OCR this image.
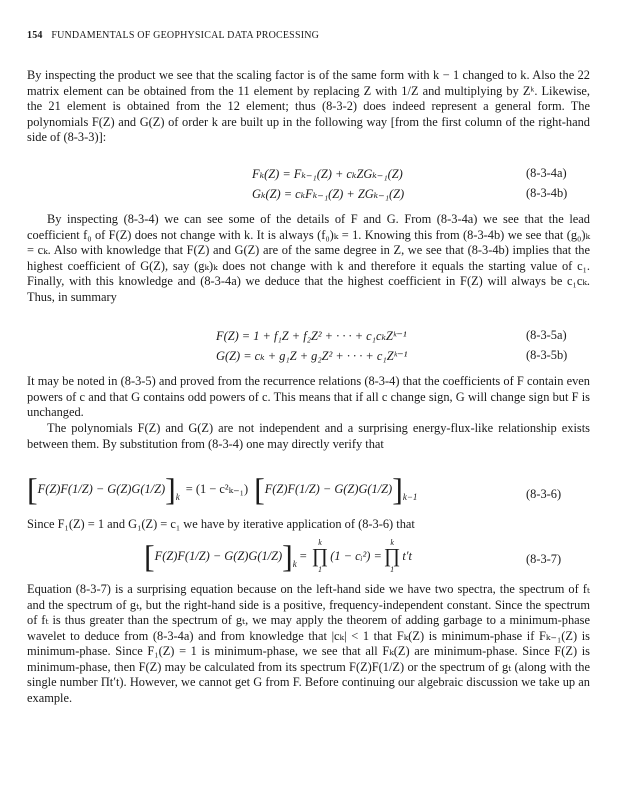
154 FUNDAMENTALS OF GEOPHYSICAL DATA PROCESSING

By inspecting the product we see that the scaling factor is of the same form with k − 1 changed to k. Also the 22 matrix element can be obtained from the 11 element by replacing Z with 1/Z and multiplying by Zᵏ. Likewise, the 21 element is obtained from the 12 element; thus (8-3-2) does indeed represent a general form. The polynomials F(Z) and G(Z) of order k are built up in the following way [from the first column of the right-hand side of (8-3-3)]:

Fₖ(Z) = Fₖ₋₁(Z) + cₖZGₖ₋₁(Z)	(8-3-4a)
Gₖ(Z) = cₖFₖ₋₁(Z) + ZGₖ₋₁(Z)	(8-3-4b)

By inspecting (8-3-4) we can see some of the details of F and G. From (8-3-4a) we see that the lead coefficient f₀ of F(Z) does not change with k. It is always (f₀)ₖ = 1. Knowing this from (8-3-4b) we see that (g₀)ₖ = cₖ. Also with knowledge that F(Z) and G(Z) are of the same degree in Z, we see that (8-3-4b) implies that the highest coefficient of G(Z), say (gₖ)ₖ does not change with k and therefore it equals the starting value of c₁. Finally, with this knowledge and (8-3-4a) we deduce that the highest coefficient in F(Z) will always be c₁cₖ. Thus, in summary

F(Z) = 1 + f₁Z + f₂Z² + · · · + c₁cₖZᵏ⁻¹	(8-3-5a)
G(Z) = cₖ + g₁Z + g₂Z² + · · · + c₁Zᵏ⁻¹	(8-3-5b)

It may be noted in (8-3-5) and proved from the recurrence relations (8-3-4) that the coefficients of F contain even powers of c and that G contains odd powers of c. This means that if all c change sign, G will change sign but F is unchanged.

The polynomials F(Z) and G(Z) are not independent and a surprising energy-flux-like relationship exists between them. By substitution from (8-3-4) one may directly verify that

[ F(Z)F(1/Z) − G(Z)G(1/Z) ] k
= (1 − c²ₖ₋₁) [ F(Z)F(1/Z) − G(Z)G(1/Z) ] k−1	(8-3-6)

Since F₁(Z) = 1 and G₁(Z) = c₁ we have by iterative application of (8-3-6) that

[ F(Z)F(1/Z) − G(Z)G(1/Z) ] k
=
k
∏
1
(1 − cᵢ²) =
k
∏
1
t′t	(8-3-7)

Equation (8-3-7) is a surprising equation because on the left-hand side we have two spectra, the spectrum of fₜ and the spectrum of gₜ, but the right-hand side is a positive, frequency-independent constant. Since the spectrum of fₜ is thus greater than the spectrum of gₜ, we may apply the theorem of adding garbage to a minimum-phase wavelet to deduce from (8-3-4a) and from knowledge that |cₖ| < 1 that Fₖ(Z) is minimum-phase if Fₖ₋₁(Z) is minimum-phase. Since F₁(Z) = 1 is minimum-phase, we see that all Fₖ(Z) are minimum-phase. Since F(Z) is minimum-phase, then F(Z) may be calculated from its spectrum F(Z)F(1/Z) or the spectrum of gₜ (along with the single number Πt′t). However, we cannot get G from F. Before continuing our algebraic discussion we take up an example.
